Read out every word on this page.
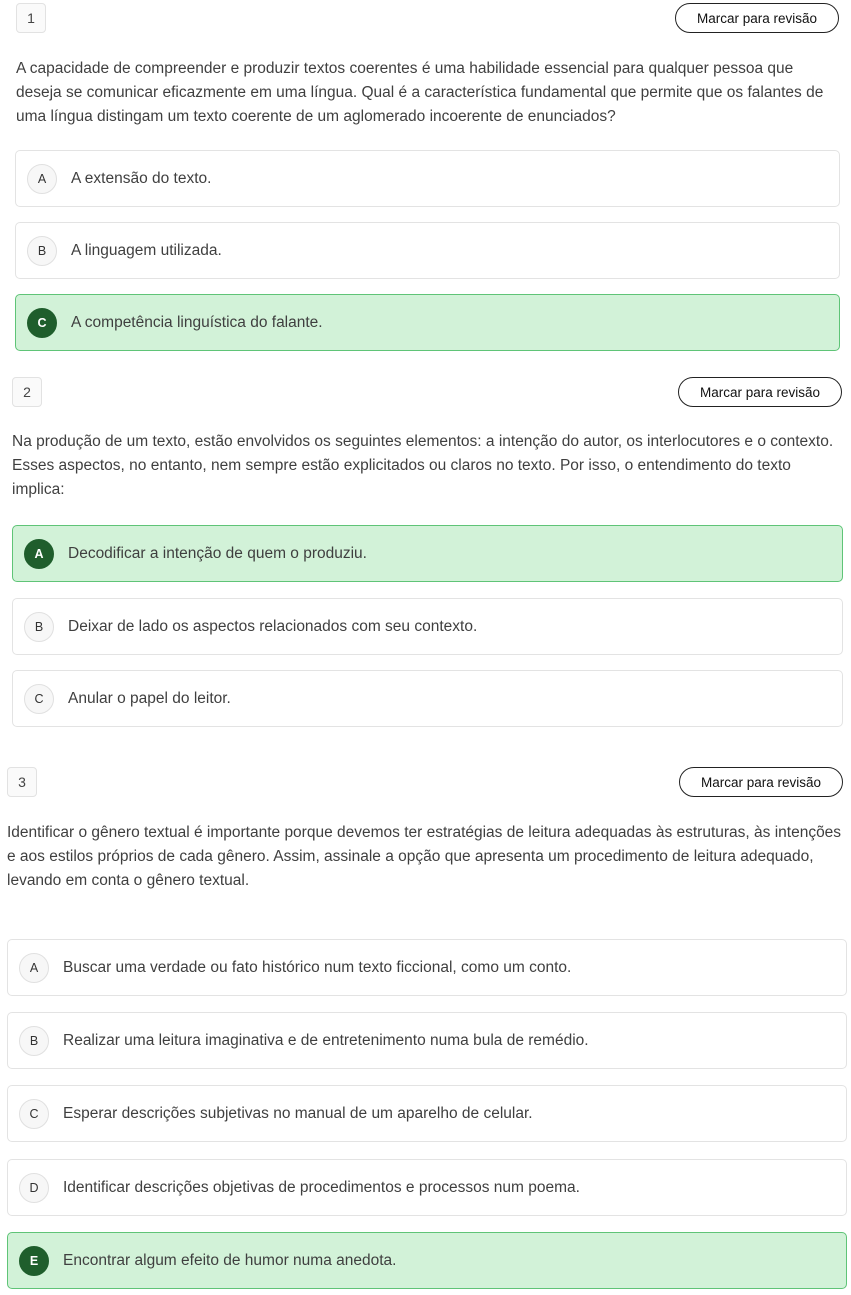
1	Marcar para revisão

A capacidade de compreender e produzir textos coerentes é uma habilidade essencial para qualquer pessoa que deseja se comunicar eficazmente em uma língua. Qual é a característica fundamental que permite que os falantes de uma língua distingam um texto coerente de um aglomerado incoerente de enunciados?

A	A extensão do texto.
B	A linguagem utilizada.
C	A competência linguística do falante.
2	Marcar para revisão

Na produção de um texto, estão envolvidos os seguintes elementos: a intenção do autor, os interlocutores e o contexto. Esses aspectos, no entanto, nem sempre estão explicitados ou claros no texto. Por isso, o entendimento do texto implica:

A	Decodificar a intenção de quem o produziu.
B	Deixar de lado os aspectos relacionados com seu contexto.
C	Anular o papel do leitor.
3	Marcar para revisão

Identificar o gênero textual é importante porque devemos ter estratégias de leitura adequadas às estruturas, às intenções e aos estilos próprios de cada gênero. Assim, assinale a opção que apresenta um procedimento de leitura adequado, levando em conta o gênero textual.

A	Buscar uma verdade ou fato histórico num texto ficcional, como um conto.
B	Realizar uma leitura imaginativa e de entretenimento numa bula de remédio.
C	Esperar descrições subjetivas no manual de um aparelho de celular.
D	Identificar descrições objetivas de procedimentos e processos num poema.
E	Encontrar algum efeito de humor numa anedota.
